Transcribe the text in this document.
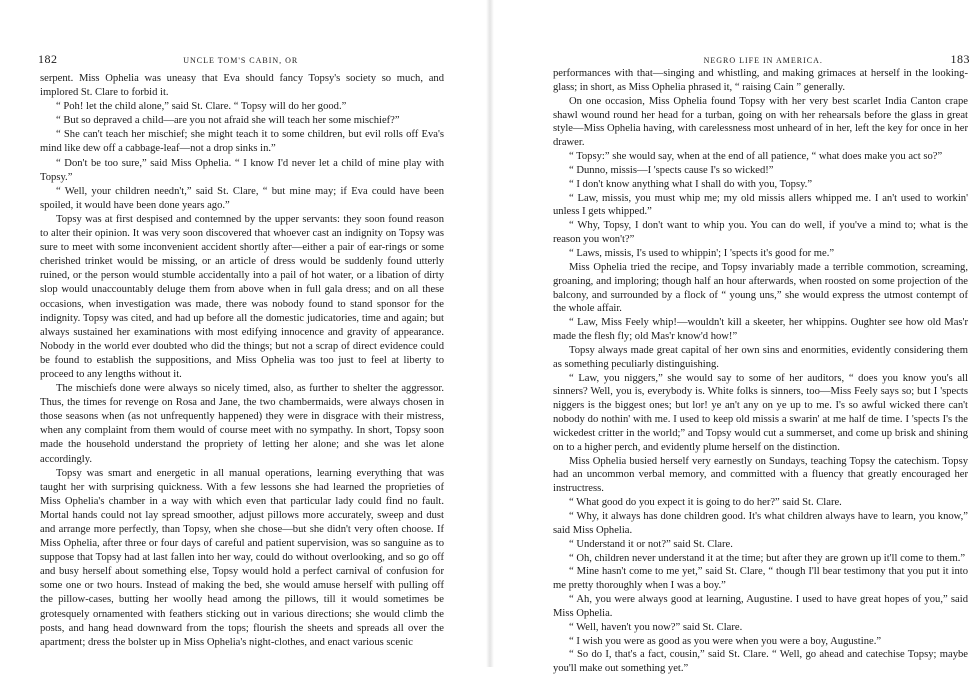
182	UNCLE TOM'S CABIN, OR

serpent. Miss Ophelia was uneasy that Eva should fancy Topsy's society so much, and implored St. Clare to forbid it.

“ Poh! let the child alone,” said St. Clare. “ Topsy will do her good.”

“ But so depraved a child—are you not afraid she will teach her some mischief?”

“ She can't teach her mischief; she might teach it to some children, but evil rolls off Eva's mind like dew off a cabbage-leaf—not a drop sinks in.”

“ Don't be too sure,” said Miss Ophelia. “ I know I'd never let a child of mine play with Topsy.”

“ Well, your children needn't,” said St. Clare, “ but mine may; if Eva could have been spoiled, it would have been done years ago.”

Topsy was at first despised and contemned by the upper servants: they soon found reason to alter their opinion. It was very soon discovered that whoever cast an indignity on Topsy was sure to meet with some inconvenient accident shortly after—either a pair of ear-rings or some cherished trinket would be missing, or an article of dress would be suddenly found utterly ruined, or the person would stumble accidentally into a pail of hot water, or a libation of dirty slop would unaccountably deluge them from above when in full gala dress; and on all these occasions, when investigation was made, there was nobody found to stand sponsor for the indignity. Topsy was cited, and had up before all the domestic judicatories, time and again; but always sustained her examinations with most edifying innocence and gravity of appearance. Nobody in the world ever doubted who did the things; but not a scrap of direct evidence could be found to establish the suppositions, and Miss Ophelia was too just to feel at liberty to proceed to any lengths without it.

The mischiefs done were always so nicely timed, also, as further to shelter the aggressor. Thus, the times for revenge on Rosa and Jane, the two chambermaids, were always chosen in those seasons when (as not unfrequently happened) they were in disgrace with their mistress, when any complaint from them would of course meet with no sympathy. In short, Topsy soon made the household understand the propriety of letting her alone; and she was let alone accordingly.

Topsy was smart and energetic in all manual operations, learning everything that was taught her with surprising quickness. With a few lessons she had learned the proprieties of Miss Ophelia's chamber in a way with which even that particular lady could find no fault. Mortal hands could not lay spread smoother, adjust pillows more accurately, sweep and dust and arrange more perfectly, than Topsy, when she chose—but she didn't very often choose. If Miss Ophelia, after three or four days of careful and patient supervision, was so sanguine as to suppose that Topsy had at last fallen into her way, could do without overlooking, and so go off and busy herself about something else, Topsy would hold a perfect carnival of confusion for some one or two hours. Instead of making the bed, she would amuse herself with pulling off the pillow-cases, butting her woolly head among the pillows, till it would sometimes be grotesquely ornamented with feathers sticking out in various directions; she would climb the posts, and hang head downward from the tops; flourish the sheets and spreads all over the apartment; dress the bolster up in Miss Ophelia's night-clothes, and enact various scenic

NEGRO LIFE IN AMERICA.	183

performances with that—singing and whistling, and making grimaces at herself in the looking-glass; in short, as Miss Ophelia phrased it, “ raising Cain ” generally.

On one occasion, Miss Ophelia found Topsy with her very best scarlet India Canton crape shawl wound round her head for a turban, going on with her rehearsals before the glass in great style—Miss Ophelia having, with carelessness most unheard of in her, left the key for once in her drawer.

“ Topsy:” she would say, when at the end of all patience, “ what does make you act so?”

“ Dunno, missis—I 'spects cause I's so wicked!”

“ I don't know anything what I shall do with you, Topsy.”

“ Law, missis, you must whip me; my old missis allers whipped me. I an't used to workin' unless I gets whipped.”

“ Why, Topsy, I don't want to whip you. You can do well, if you've a mind to; what is the reason you won't?”

“ Laws, missis, I's used to whippin'; I 'spects it's good for me.”

Miss Ophelia tried the recipe, and Topsy invariably made a terrible commotion, screaming, groaning, and imploring; though half an hour afterwards, when roosted on some projection of the balcony, and surrounded by a flock of “ young uns,” she would express the utmost contempt of the whole affair.

“ Law, Miss Feely whip!—wouldn't kill a skeeter, her whippins. Oughter see how old Mas'r made the flesh fly; old Mas'r know'd how!”

Topsy always made great capital of her own sins and enormities, evidently considering them as something peculiarly distinguishing.

“ Law, you niggers,” she would say to some of her auditors, “ does you know you's all sinners? Well, you is, everybody is. White folks is sinners, too—Miss Feely says so; but I 'spects niggers is the biggest ones; but lor! ye an't any on ye up to me. I's so awful wicked there can't nobody do nothin' with me. I used to keep old missis a swarin' at me half de time. I 'spects I's the wickedest critter in the world;” and Topsy would cut a summerset, and come up brisk and shining on to a higher perch, and evidently plume herself on the distinction.

Miss Ophelia busied herself very earnestly on Sundays, teaching Topsy the catechism. Topsy had an uncommon verbal memory, and committed with a fluency that greatly encouraged her instructress.

“ What good do you expect it is going to do her?” said St. Clare.

“ Why, it always has done children good. It's what children always have to learn, you know,” said Miss Ophelia.

“ Understand it or not?” said St. Clare.

“ Oh, children never understand it at the time; but after they are grown up it'll come to them.”

“ Mine hasn't come to me yet,” said St. Clare, “ though I'll bear testimony that you put it into me pretty thoroughly when I was a boy.”

“ Ah, you were always good at learning, Augustine. I used to have great hopes of you,” said Miss Ophelia.

“ Well, haven't you now?” said St. Clare.

“ I wish you were as good as you were when you were a boy, Augustine.”

“ So do I, that's a fact, cousin,” said St. Clare. “ Well, go ahead and catechise Topsy; maybe you'll make out something yet.”
